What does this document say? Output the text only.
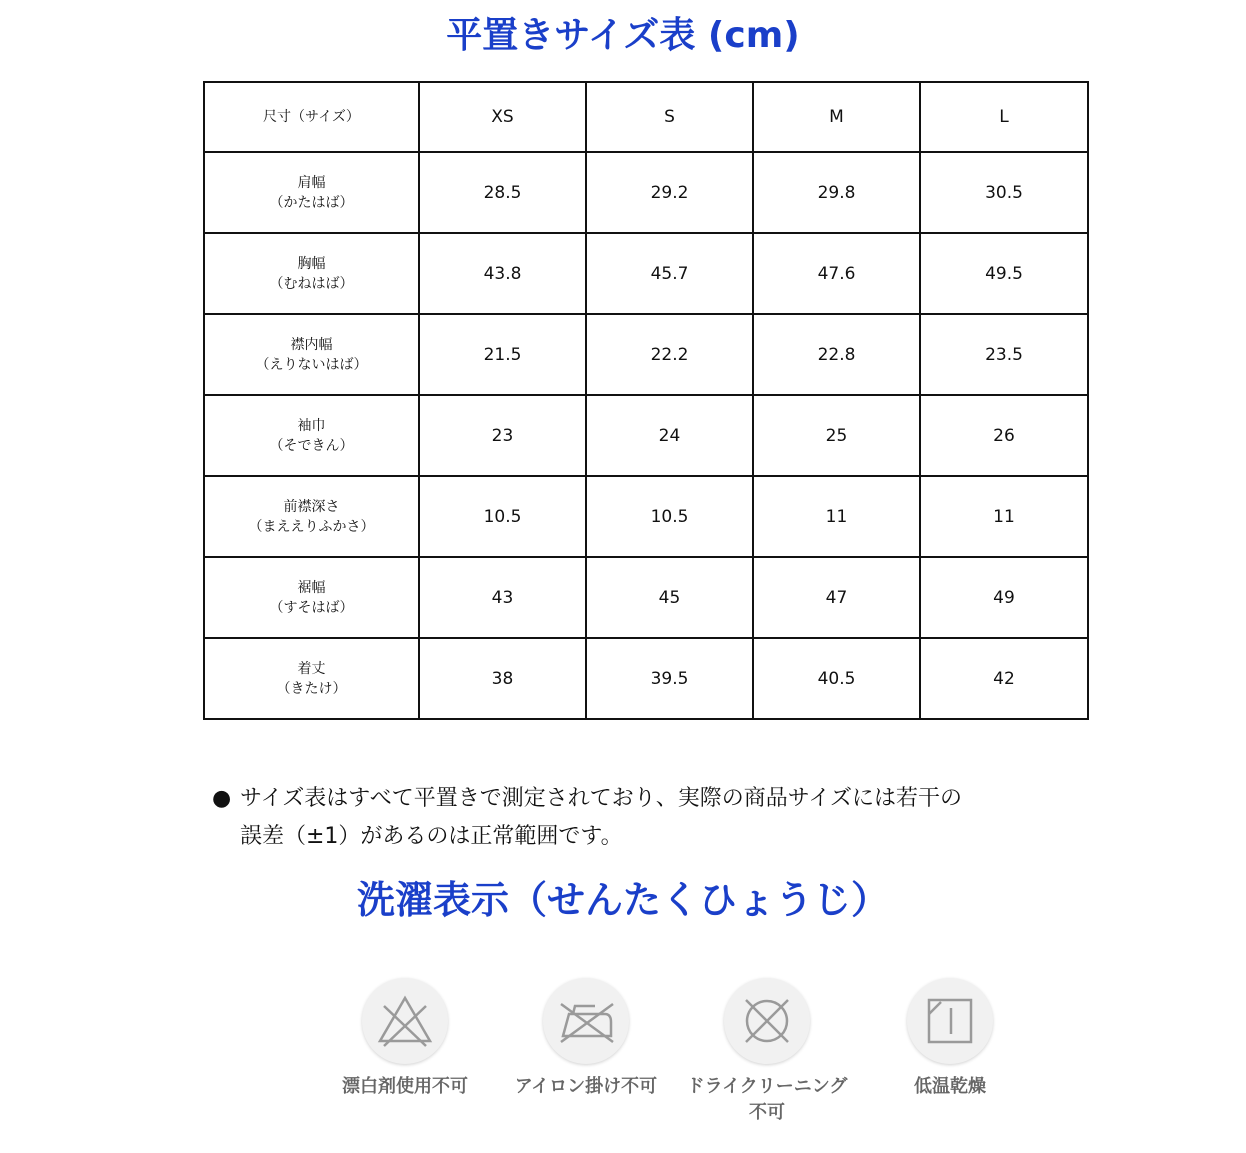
平置きサイズ表 (cm)
尺寸（サイズ）	XS	S	M	L

肩幅
（かたはば）	28.5	29.2	29.8	30.5

胸幅
（むねはば）	43.8	45.7	47.6	49.5

襟内幅
（えりないはば）	21.5	22.2	22.8	23.5

袖巾
（そできん）	23	24	25	26

前襟深さ
（まええりふかさ）	10.5	10.5	11	11

裾幅
（すそはば）	43	45	47	49

着丈
（きたけ）	38	39.5	40.5	42
● サイズ表はすべて平置きで測定されており、実際の商品サイズには若干の
誤差（±1）があるのは正常範囲です。
洗濯表示（せんたくひょうじ）
漂白剤使用不可	アイロン掛け不可	ドライクリーニング
不可
低温乾燥
